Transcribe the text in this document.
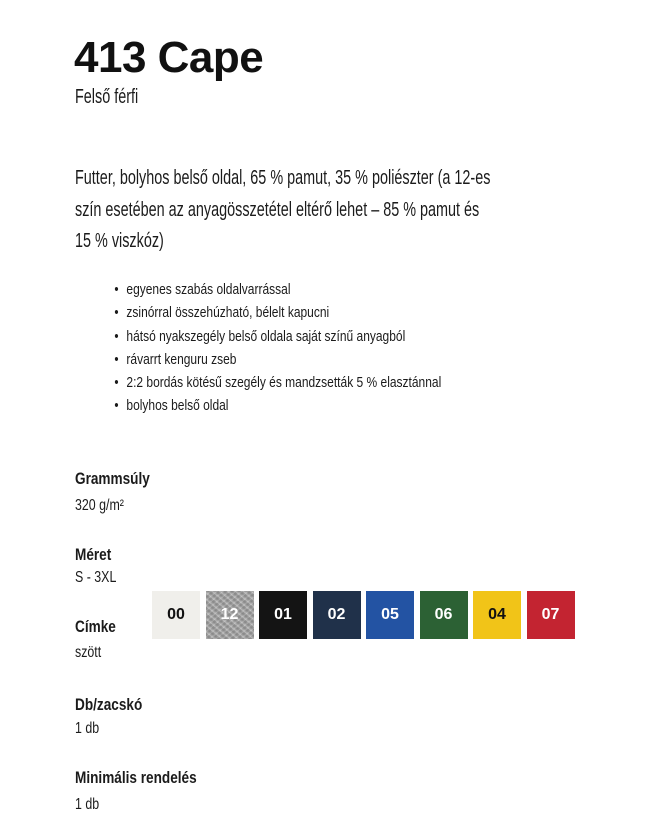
413 Cape
Felső férfi
Futter, bolyhos belső oldal, 65 % pamut, 35 % poliészter (a 12-es
szín esetében az anyagösszetétel eltérő lehet – 85 % pamut és
15 % viszkóz)
• egyenes szabás oldalvarrással
• zsinórral összehúzható, bélelt kapucni
• hátsó nyakszegély belső oldala saját színű anyagból
• rávarrt kenguru zseb
• 2:2 bordás kötésű szegély és mandzsetták 5 % elasztánnal
• bolyhos belső oldal
Grammsúly
320 g/m²
Méret
S - 3XL
Címke
szött
Db/zacskó
1 db
Minimális rendelés
1 db
00	12	01	02	05	06	04	07
